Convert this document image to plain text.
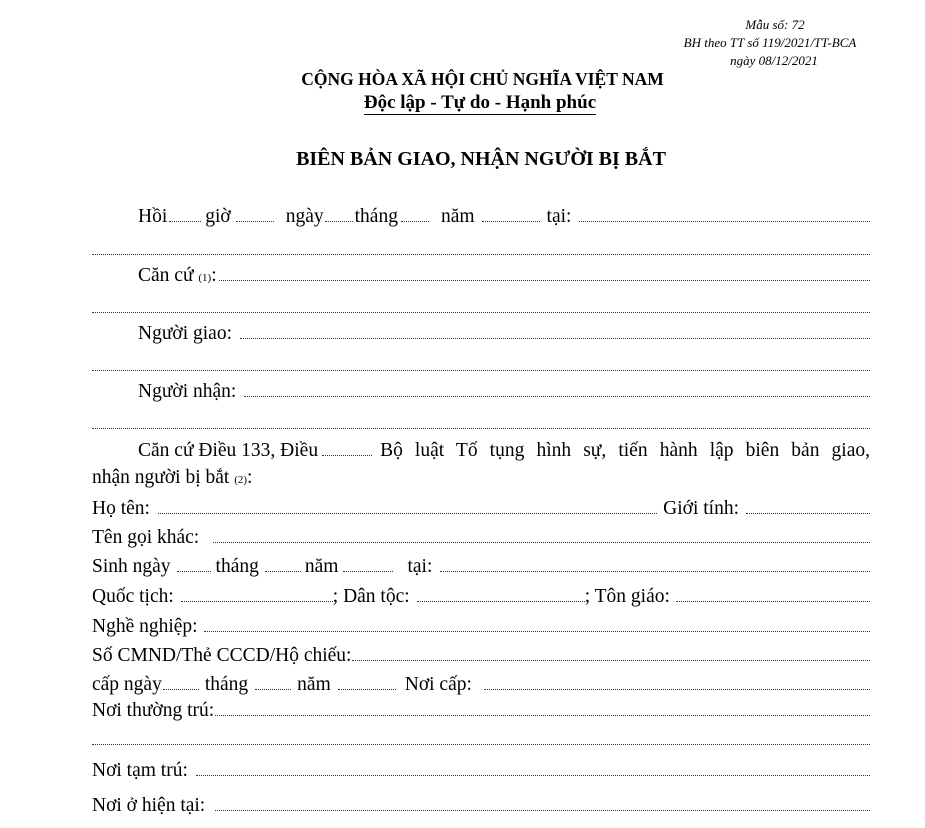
Mẫu số: 72
BH theo TT số 119/2021/TT-BCA
ngày 08/12/2021
CỘNG HÒA XÃ HỘI CHỦ NGHĨA VIỆT NAM
Độc lập - Tự do - Hạnh phúc
BIÊN BẢN GIAO, NHẬN NGƯỜI BỊ BẮT
Hồi giờ	ngày tháng năm	tại:
Căn cứ
(1) :
Người giao:
Người nhận:
Căn cứ Điều 133, Điều	Bộ luật Tố tụng hình sự, tiến hành lập biên bản giao,
nhận người bị bắt
(2) :
Họ tên:	Giới tính:
Tên gọi khác:
Sinh ngày tháng năm	tại:
Quốc tịch:	; Dân tộc:	; Tôn giáo:
Nghề nghiệp:
Số CMND/Thẻ CCCD/Hộ chiếu:
cấp ngày tháng	năm	Nơi cấp:
Nơi thường trú:
Nơi tạm trú:
Nơi ở hiện tại:
